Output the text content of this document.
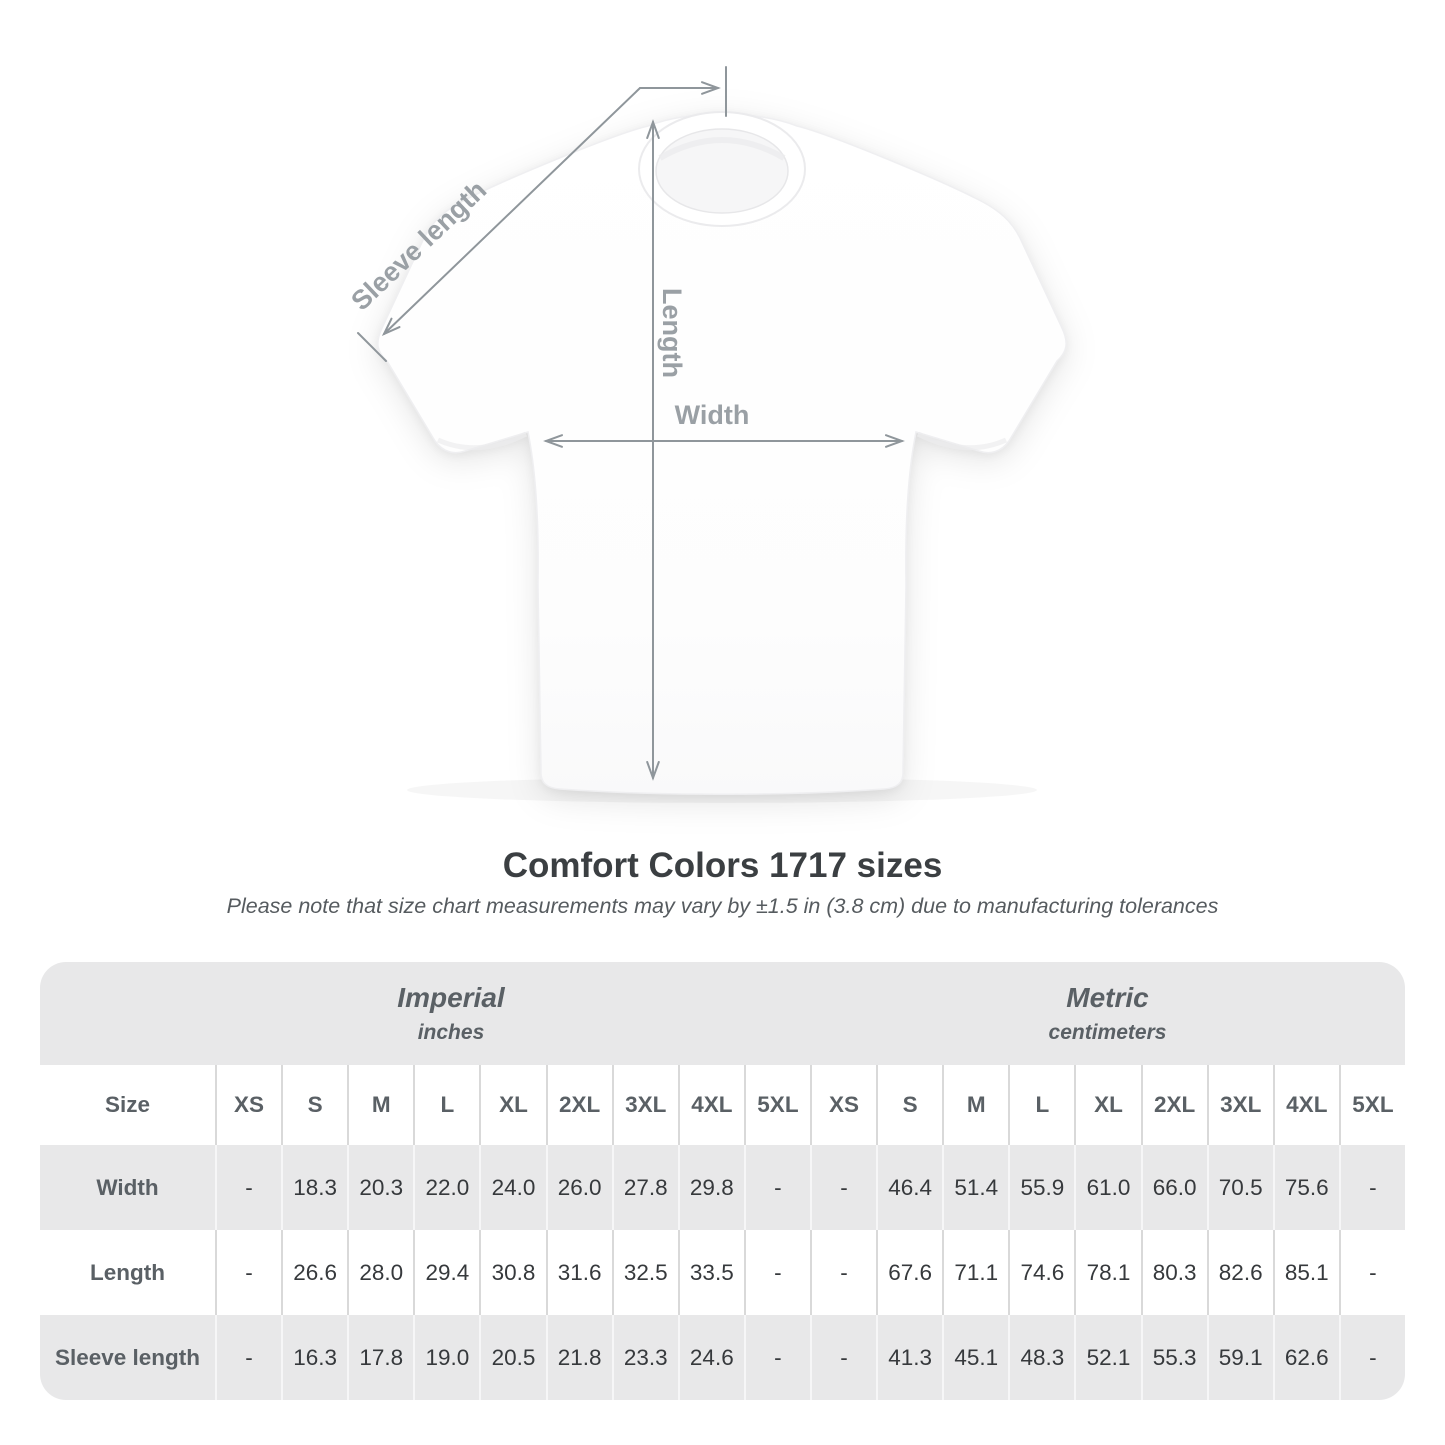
Sleeve length
Length
Width
Comfort Colors 1717 sizes

Please note that size chart measurements may vary by ±1.5 in (3.8 cm) due to manufacturing tolerances

Imperial
inches

Metric
centimeters

Size	XS	S	M	L	XL	2XL	3XL	4XL	5XL	XS	S	M	L	XL	2XL	3XL	4XL	5XL
Width	-	18.3	20.3	22.0	24.0	26.0	27.8	29.8	-	-	46.4	51.4	55.9	61.0	66.0	70.5	75.6	-
Length	-	26.6	28.0	29.4	30.8	31.6	32.5	33.5	-	-	67.6	71.1	74.6	78.1	80.3	82.6	85.1	-
Sleeve length	-	16.3	17.8	19.0	20.5	21.8	23.3	24.6	-	-	41.3	45.1	48.3	52.1	55.3	59.1	62.6	-
